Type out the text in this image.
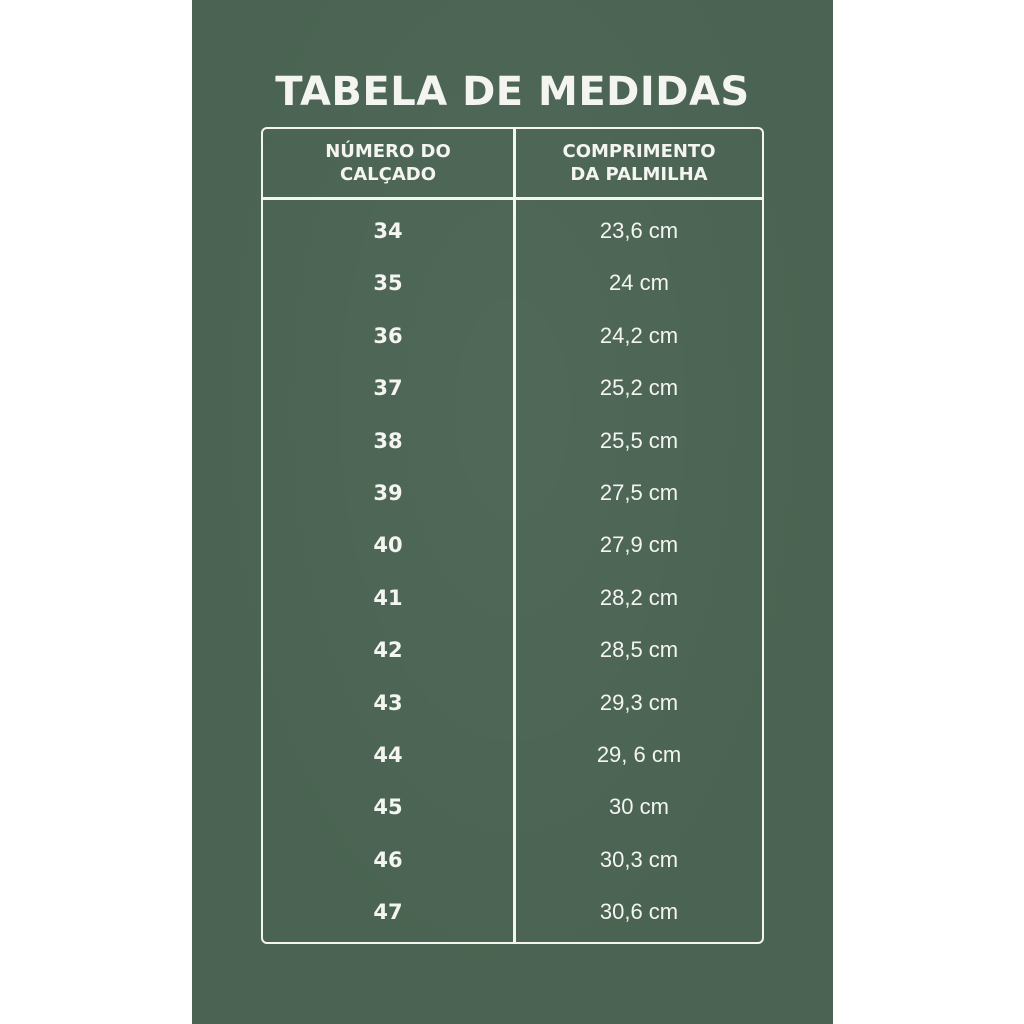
TABELA DE MEDIDAS
NÚMERO DO
CALÇADO
COMPRIMENTO
DA PALMILHA
34	23,6 cm
35	24 cm
36	24,2 cm
37	25,2 cm
38	25,5 cm
39	27,5 cm
40	27,9 cm
41	28,2 cm
42	28,5 cm
43	29,3 cm
44	29, 6 cm
45	30 cm
46	30,3 cm
47	30,6 cm
